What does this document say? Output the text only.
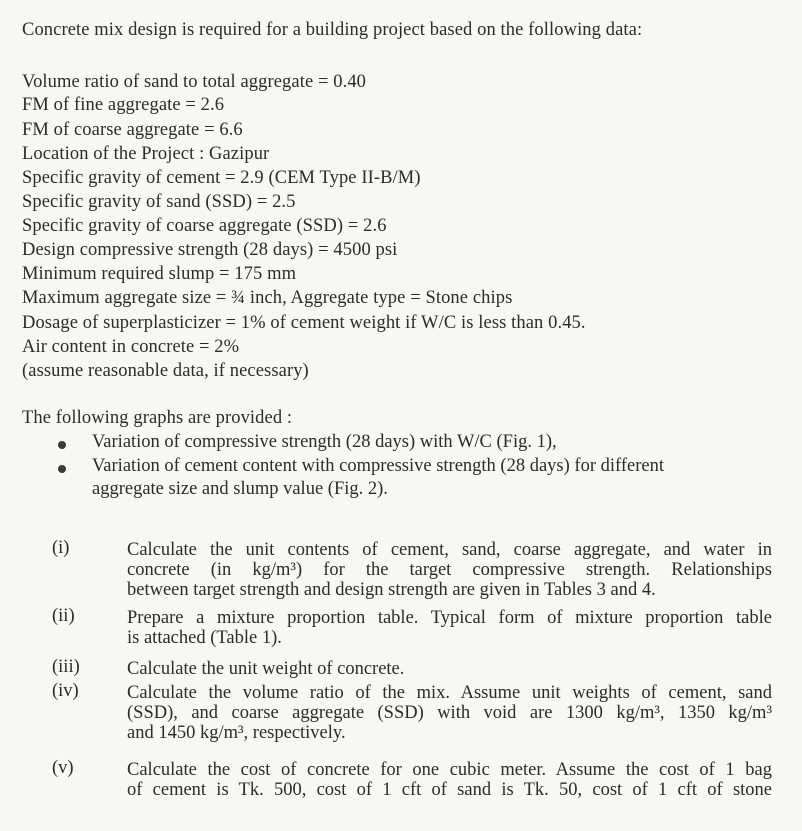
Concrete mix design is required for a building project based on the following data:
Volume ratio of sand to total aggregate = 0.40
FM of fine aggregate = 2.6
FM of coarse aggregate = 6.6
Location of the Project : Gazipur
Specific gravity of cement = 2.9 (CEM Type II-B/M)
Specific gravity of sand (SSD) = 2.5
Specific gravity of coarse aggregate (SSD) = 2.6
Design compressive strength (28 days) = 4500 psi
Minimum required slump = 175 mm
Maximum aggregate size = ¾ inch, Aggregate type = Stone chips
Dosage of superplasticizer = 1% of cement weight if W/C is less than 0.45.
Air content in concrete = 2%
(assume reasonable data, if necessary)
The following graphs are provided :
Variation of compressive strength (28 days) with W/C (Fig. 1),
Variation of cement content with compressive strength (28 days) for different
aggregate size and slump value (Fig. 2).
(i)	Calculate the unit contents of cement, sand, coarse aggregate, and water in
concrete (in kg/m³) for the target compressive strength. Relationships
between target strength and design strength are given in Tables 3 and 4.
(ii)	Prepare a mixture proportion table. Typical form of mixture proportion table
is attached (Table 1).
(iii)	Calculate the unit weight of concrete.
(iv)	Calculate the volume ratio of the mix. Assume unit weights of cement, sand
(SSD), and coarse aggregate (SSD) with void are 1300 kg/m³, 1350 kg/m³
and 1450 kg/m³, respectively.
(v)	Calculate the cost of concrete for one cubic meter. Assume the cost of 1 bag
of cement is Tk. 500, cost of 1 cft of sand is Tk. 50, cost of 1 cft of stone
